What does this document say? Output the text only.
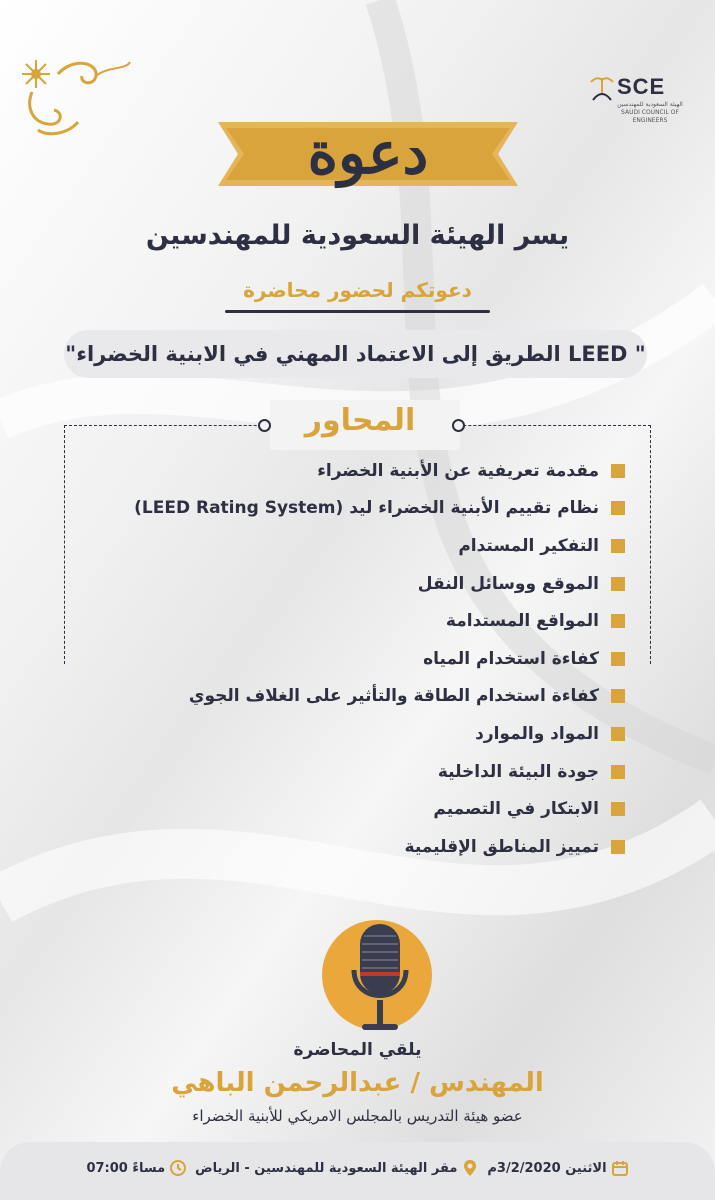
SCE
الهيئة السعودية للمهندسين SAUDI COUNCIL OF ENGINEERS
دعوة
يسر الهيئة السعودية للمهندسين
دعوتكم لحضور محاضرة
"الطريق إلى الاعتماد المهني في الابنية الخضراء LEED "
المحاور
مقدمة تعريفية عن الأبنية الخضراء
نظام تقييم الأبنية الخضراء ليد (LEED Rating System)
التفكير المستدام
الموقع ووسائل النقل
المواقع المستدامة
كفاءة استخدام المياه
كفاءة استخدام الطاقة والتأثير على الغلاف الجوي
المواد والموارد
جودة البيئة الداخلية
الابتكار في التصميم
تمييز المناطق الإقليمية
يلقي المحاضرة
المهندس / عبدالرحمن الباهي
عضو هيئة التدريس بالمجلس الامريكي للأبنية الخضراء
الاثنين 3/2/2020م
مقر الهيئة السعودية للمهندسين - الرياض
07:00 مساءً
